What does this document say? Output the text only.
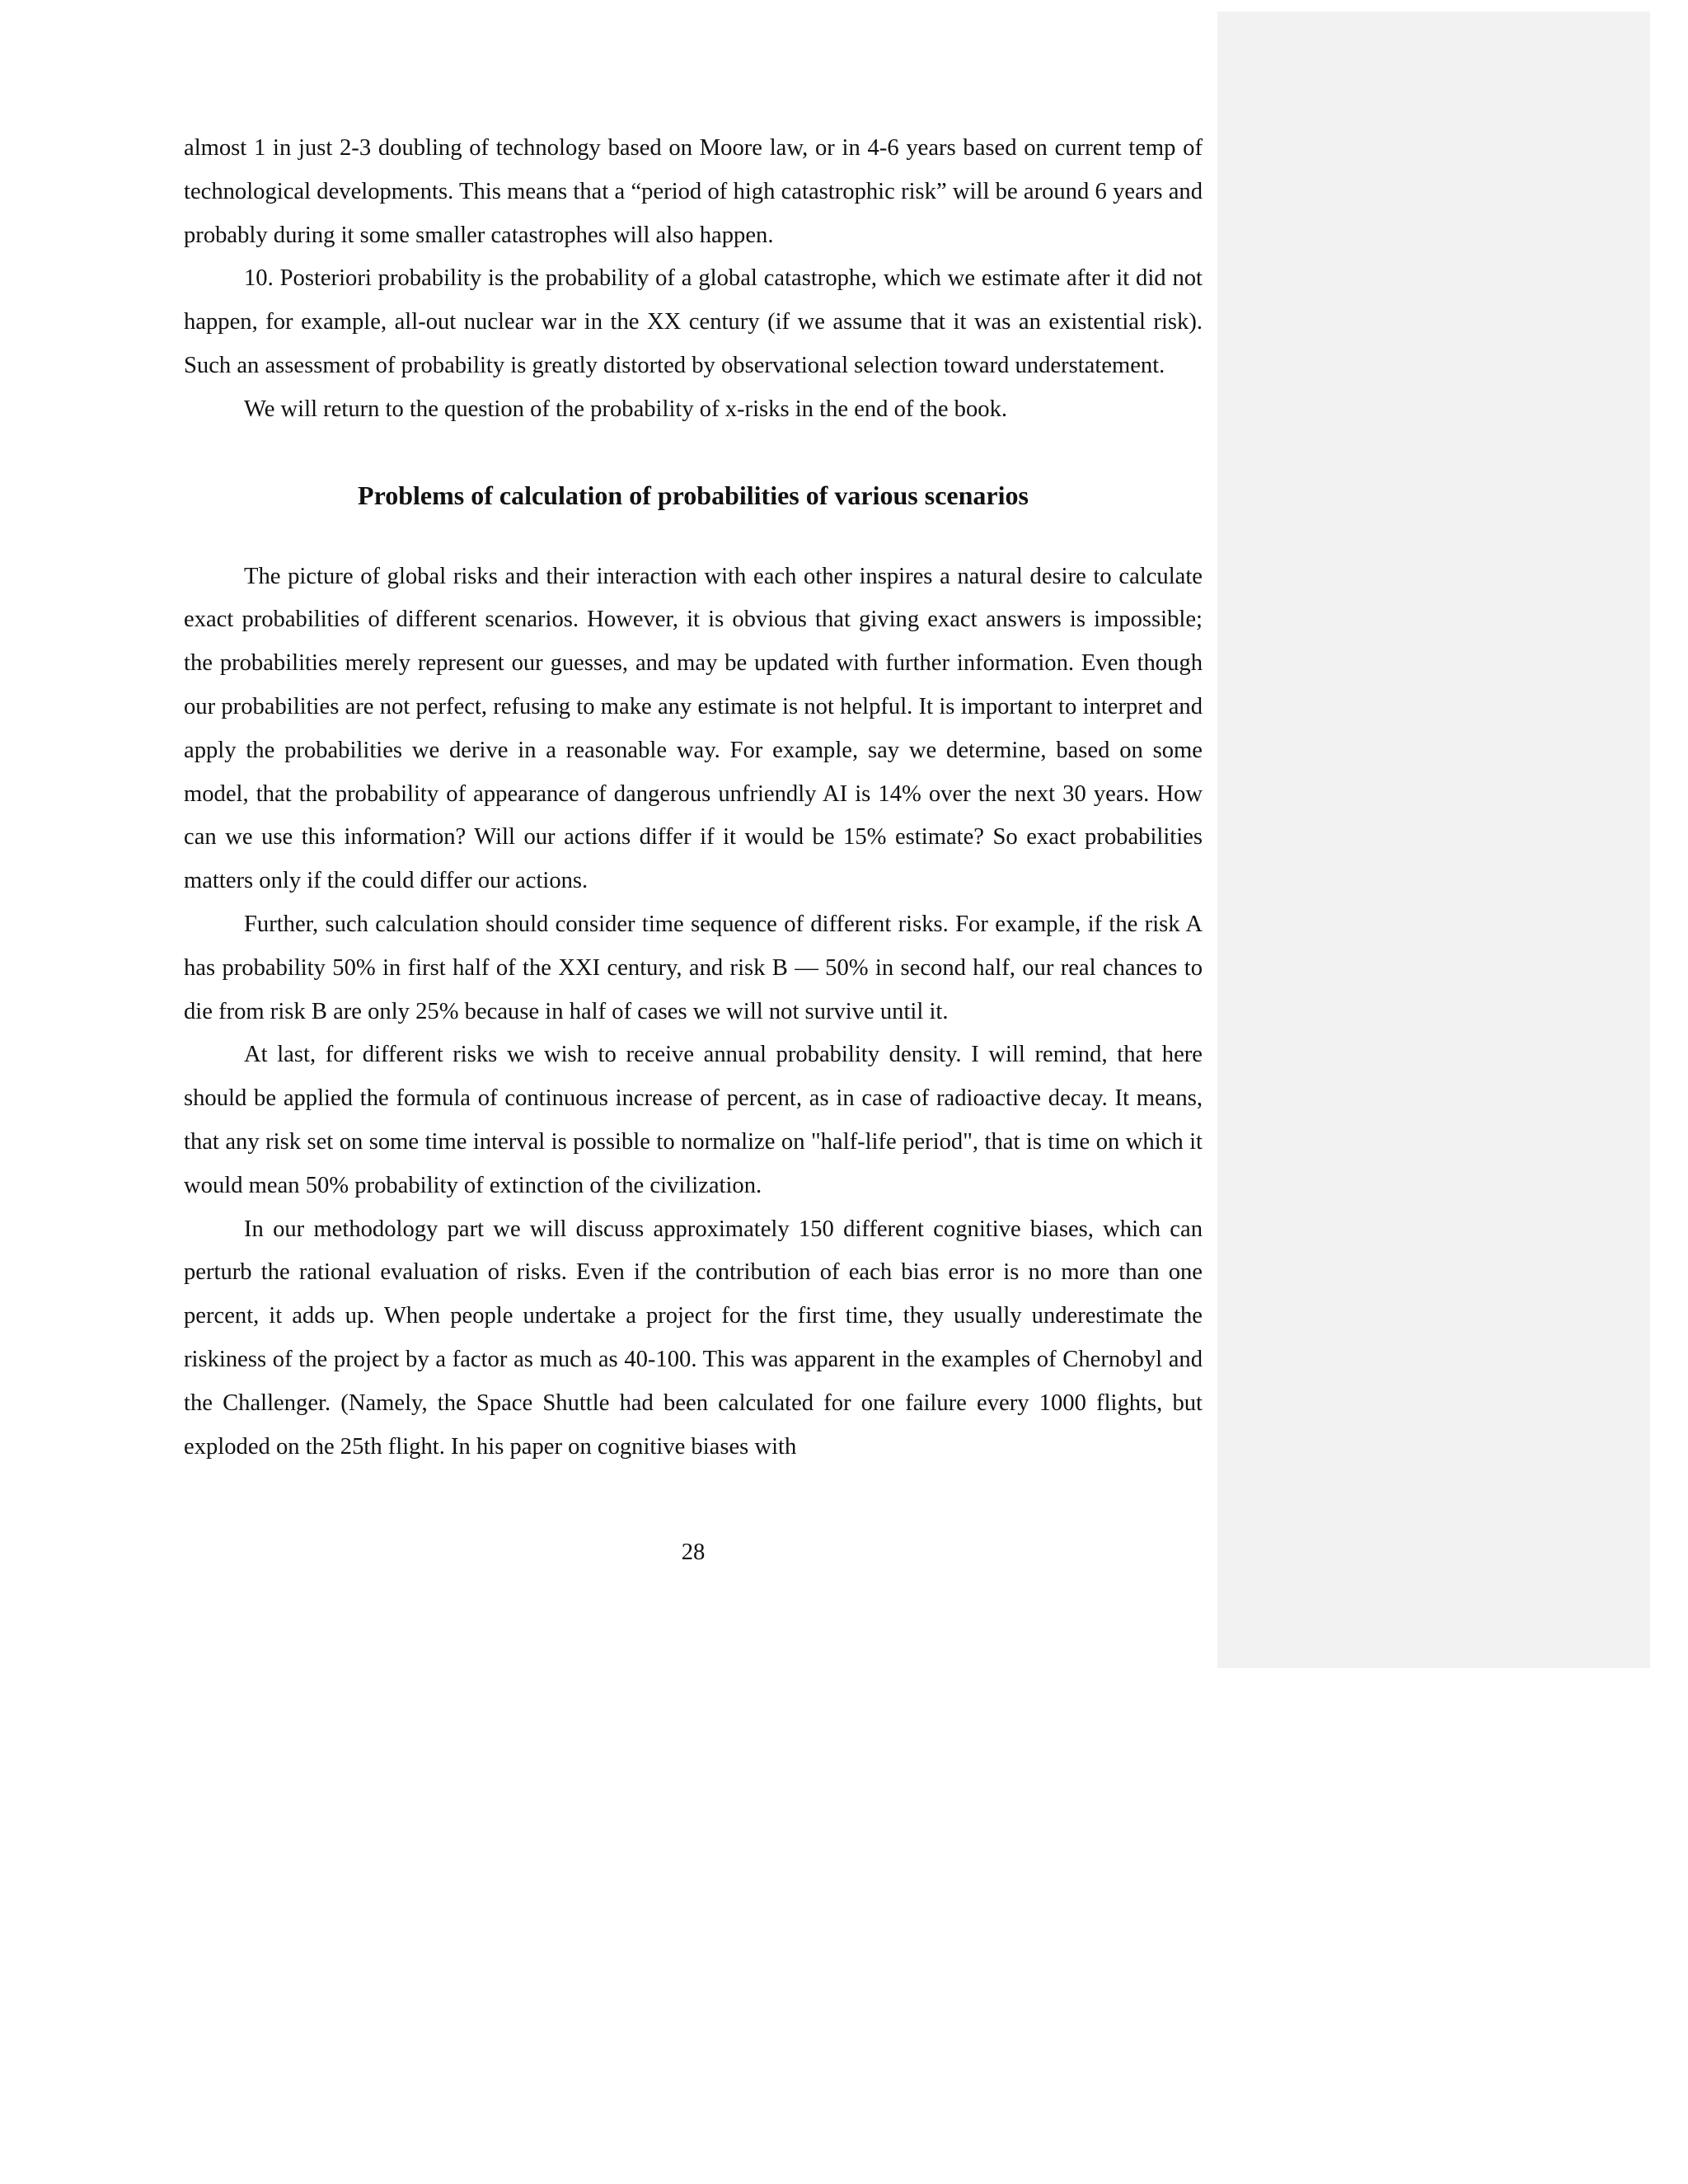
almost 1 in just 2-3 doubling of technology based on Moore law, or in 4-6 years based on current temp of technological developments. This means that a “period of high catastrophic risk” will be around 6 years and probably during it some smaller catastrophes will also happen.

10. Posteriori probability is the probability of a global catastrophe, which we estimate after it did not happen, for example, all-out nuclear war in the XX century (if we assume that it was an existential risk). Such an assessment of probability is greatly distorted by observational selection toward understatement.

We will return to the question of the probability of x-risks in the end of the book.

Problems of calculation of probabilities of various scenarios

The picture of global risks and their interaction with each other inspires a natural desire to calculate exact probabilities of different scenarios. However, it is obvious that giving exact answers is impossible; the probabilities merely represent our guesses, and may be updated with further information. Even though our probabilities are not perfect, refusing to make any estimate is not helpful. It is important to interpret and apply the probabilities we derive in a reasonable way. For example, say we determine, based on some model, that the probability of appearance of dangerous unfriendly AI is 14% over the next 30 years. How can we use this information? Will our actions differ if it would be 15% estimate? So exact probabilities matters only if the could differ our actions.

Further, such calculation should consider time sequence of different risks. For example, if the risk A has probability 50% in first half of the XXI century, and risk B — 50% in second half, our real chances to die from risk B are only 25% because in half of cases we will not survive until it.

At last, for different risks we wish to receive annual probability density. I will remind, that here should be applied the formula of continuous increase of percent, as in case of radioactive decay. It means, that any risk set on some time interval is possible to normalize on "half-life period", that is time on which it would mean 50% probability of extinction of the civilization.

In our methodology part we will discuss approximately 150 different cognitive biases, which can perturb the rational evaluation of risks. Even if the contribution of each bias error is no more than one percent, it adds up. When people undertake a project for the first time, they usually underestimate the riskiness of the project by a factor as much as 40-100. This was apparent in the examples of Chernobyl and the Challenger. (Namely, the Space Shuttle had been calculated for one failure every 1000 flights, but exploded on the 25th flight. In his paper on cognitive biases with

28
